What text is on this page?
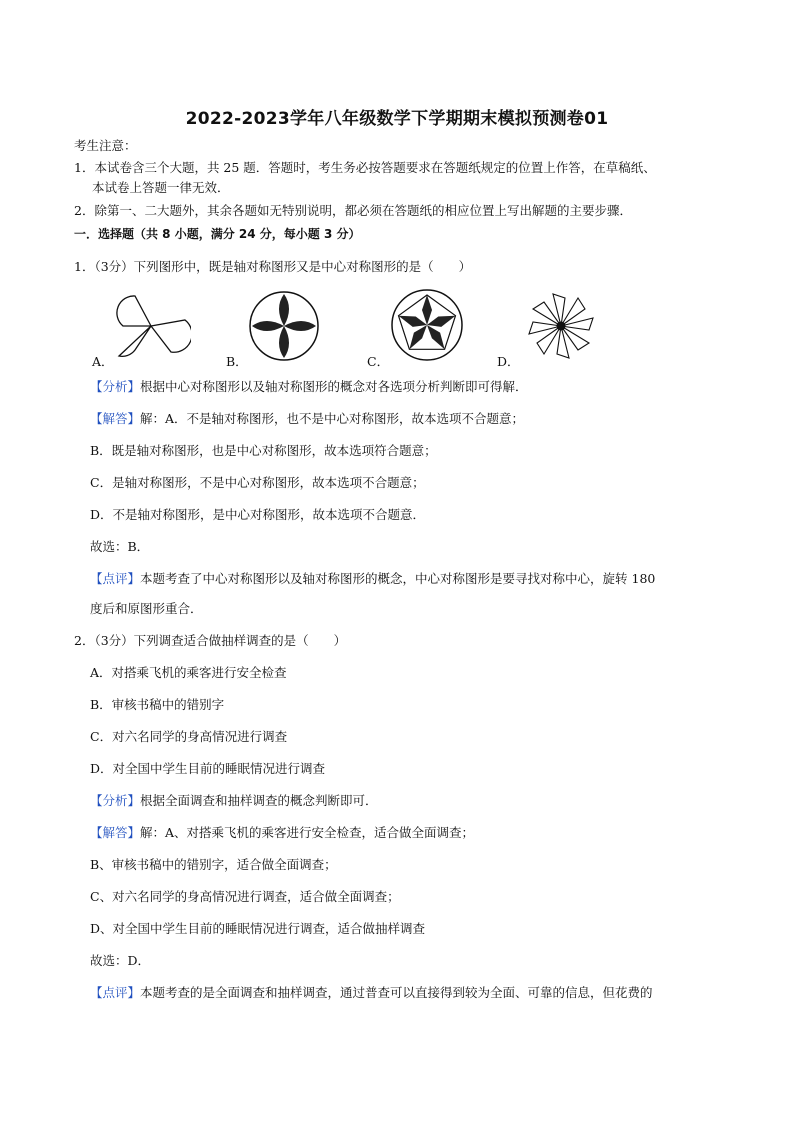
2022-2023学年八年级数学下学期期末模拟预测卷01
考生注意：
1．本试卷含三个大题，共 25 题．答题时，考生务必按答题要求在答题纸规定的位置上作答，在草稿纸、
本试卷上答题一律无效．
2．除第一、二大题外，其余各题如无特别说明，都必须在答题纸的相应位置上写出解题的主要步骤．
一．选择题（共 8 小题，满分 24 分，每小题 3 分）
1．（3分）下列图形中，既是轴对称图形又是中心对称图形的是（　　）
A．	B．	C．	D．
【分析】根据中心对称图形以及轴对称图形的概念对各选项分析判断即可得解．
【解答】解：A．不是轴对称图形，也不是中心对称图形，故本选项不合题意；
B．既是轴对称图形，也是中心对称图形，故本选项符合题意；
C．是轴对称图形，不是中心对称图形，故本选项不合题意；
D．不是轴对称图形，是中心对称图形，故本选项不合题意．
故选：B．
【点评】本题考查了中心对称图形以及轴对称图形的概念，中心对称图形是要寻找对称中心，旋转 180
度后和原图形重合．
2．（3分）下列调查适合做抽样调查的是（　　）
A．对搭乘飞机的乘客进行安全检查
B．审核书稿中的错别字
C．对六名同学的身高情况进行调查
D．对全国中学生目前的睡眠情况进行调查
【分析】根据全面调查和抽样调查的概念判断即可．
【解答】解：A、对搭乘飞机的乘客进行安全检查，适合做全面调查；
B、审核书稿中的错别字，适合做全面调查；
C、对六名同学的身高情况进行调查，适合做全面调查；
D、对全国中学生目前的睡眠情况进行调查，适合做抽样调查
故选：D．
【点评】本题考查的是全面调查和抽样调查，通过普查可以直接得到较为全面、可靠的信息，但花费的
